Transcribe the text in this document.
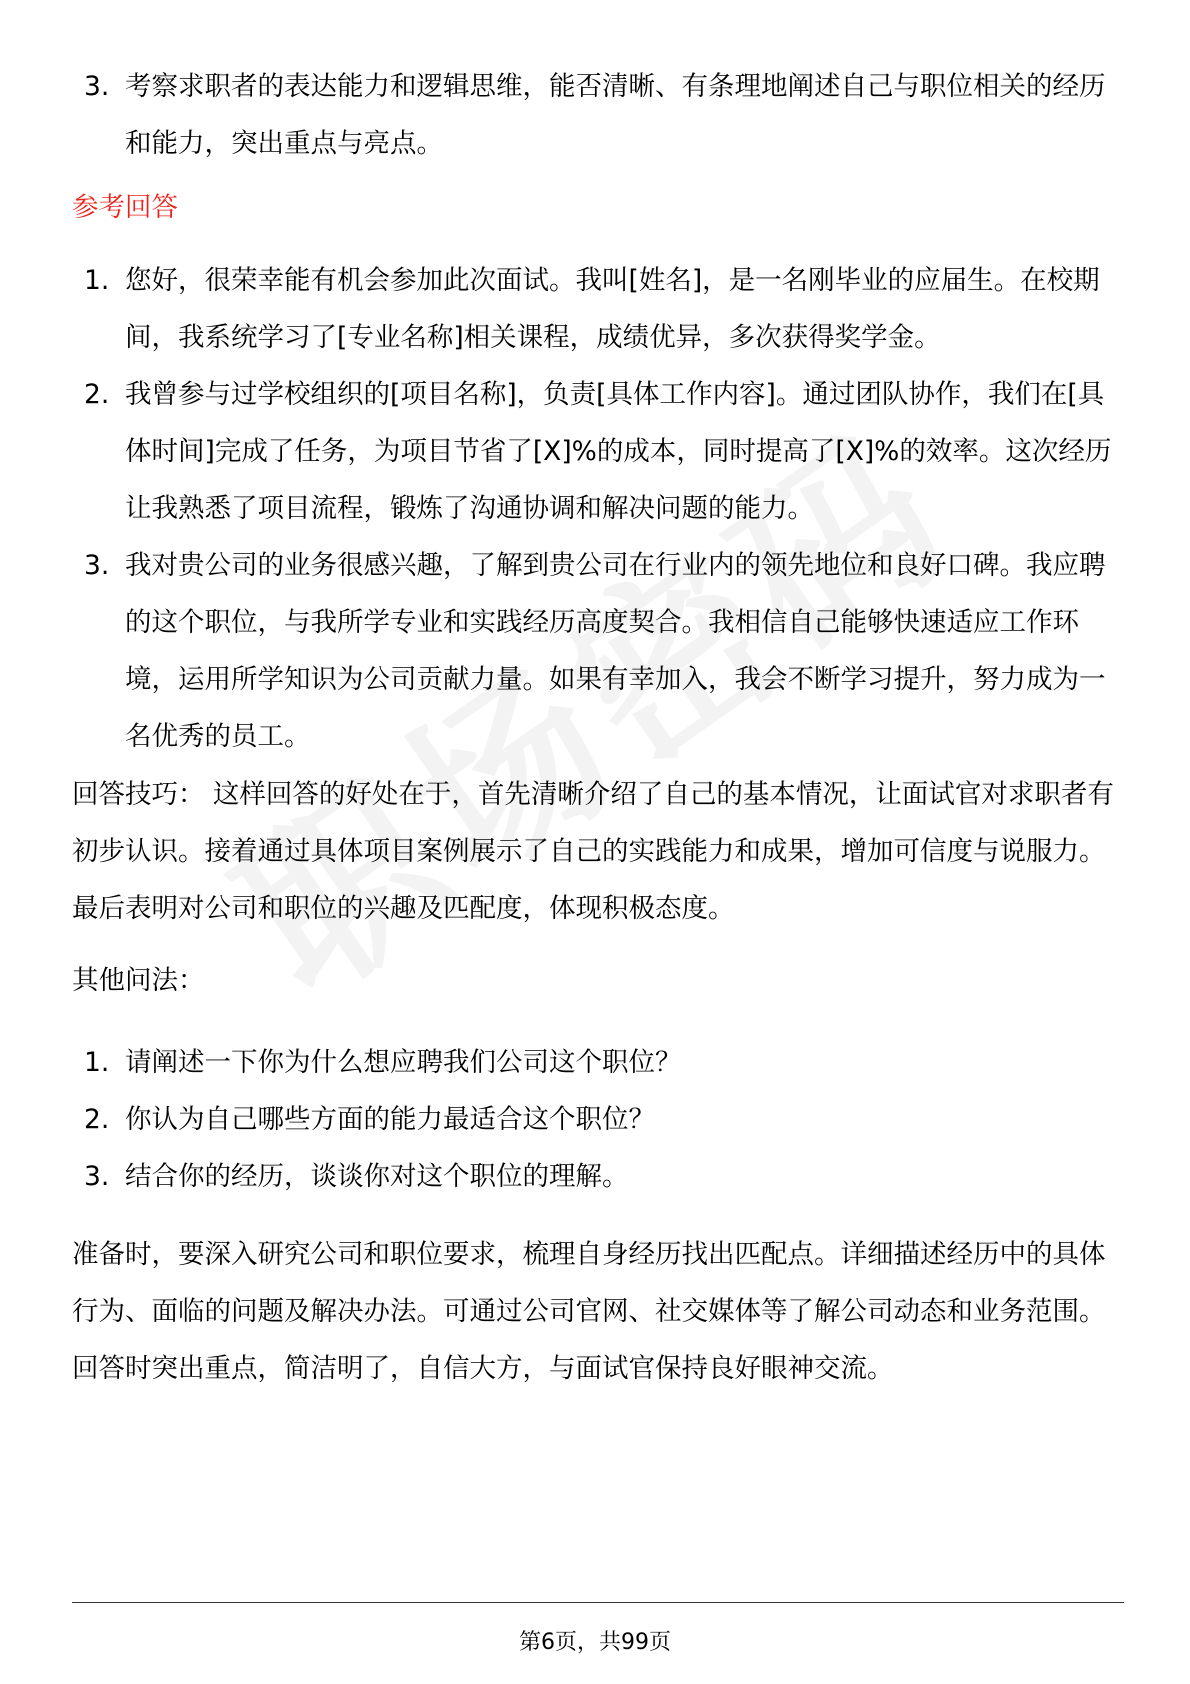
3. 考察求职者的表达能力和逻辑思维，能否清晰、有条理地阐述自己与职位相关的经历和能力，突出重点与亮点。
参考回答
1. 您好，很荣幸能有机会参加此次面试。我叫[姓名]，是一名刚毕业的应届生。在校期间，我系统学习了[专业名称]相关课程，成绩优异，多次获得奖学金。
2. 我曾参与过学校组织的[项目名称]，负责[具体工作内容]。通过团队协作，我们在[具体时间]完成了任务，为项目节省了[X]%的成本，同时提高了[X]%的效率。这次经历让我熟悉了项目流程，锻炼了沟通协调和解决问题的能力。
3. 我对贵公司的业务很感兴趣，了解到贵公司在行业内的领先地位和良好口碑。我应聘的这个职位，与我所学专业和实践经历高度契合。我相信自己能够快速适应工作环境，运用所学知识为公司贡献力量。如果有幸加入，我会不断学习提升，努力成为一名优秀的员工。
回答技巧： 这样回答的好处在于，首先清晰介绍了自己的基本情况，让面试官对求职者有初步认识。接着通过具体项目案例展示了自己的实践能力和成果，增加可信度与说服力。最后表明对公司和职位的兴趣及匹配度，体现积极态度。
其他问法：
1. 请阐述一下你为什么想应聘我们公司这个职位？
2. 你认为自己哪些方面的能力最适合这个职位？
3. 结合你的经历，谈谈你对这个职位的理解。
准备时，要深入研究公司和职位要求，梳理自身经历找出匹配点。详细描述经历中的具体行为、面临的问题及解决办法。可通过公司官网、社交媒体等了解公司动态和业务范围。回答时突出重点，简洁明了，自信大方，与面试官保持良好眼神交流。
第6页，共99页
